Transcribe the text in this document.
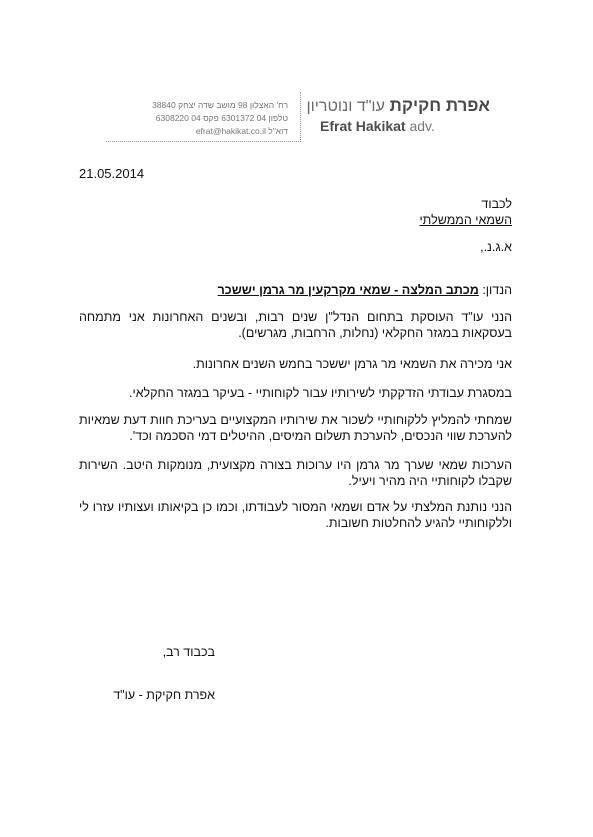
אפרת חקיקת עו"ד ונוטריון
Efrat Hakikat adv.
רח' האצלון 98 מושב שדה יצחק 38840
טלפון 04 6301372 פקס 04 6308220
דוא"ל efrat@hakikat.co.il
21.05.2014
לכבוד
השמאי הממשלתי
א.ג.נ.,
הנדון: מכתב המלצה - שמאי מקרקעין מר גרמן יששכר
הנני עו"ד העוסקת בתחום הנדל"ן שנים רבות, ובשנים האחרונות אני מתמחה בעסקאות במגזר החקלאי (נחלות, הרחבות, מגרשים).
אני מכירה את השמאי מר גרמן יששכר בחמש השנים אחרונות.
במסגרת עבודתי הזדקקתי לשירותיו עבור לקוחותיי - בעיקר במגזר החקלאי.
שמחתי להמליץ ללקוחותיי לשכור את שירותיו המקצועיים בעריכת חוות דעת שמאיות להערכת שווי הנכסים, להערכת תשלום המיסים, ההיטלים דמי הסכמה וכד'.
הערכות שמאי שערך מר גרמן היו ערוכות בצורה מקצועית, מנומקות היטב. השירות שקבלו לקוחותיי היה מהיר ויעיל.
הנני נותנת המלצתי על אדם ושמאי המסור לעבודתו, וכמו כן בקיאותו ועצותיו עזרו לי וללקוחותיי להגיע להחלטות חשובות.
בכבוד רב,
אפרת חקיקת - עו"ד
